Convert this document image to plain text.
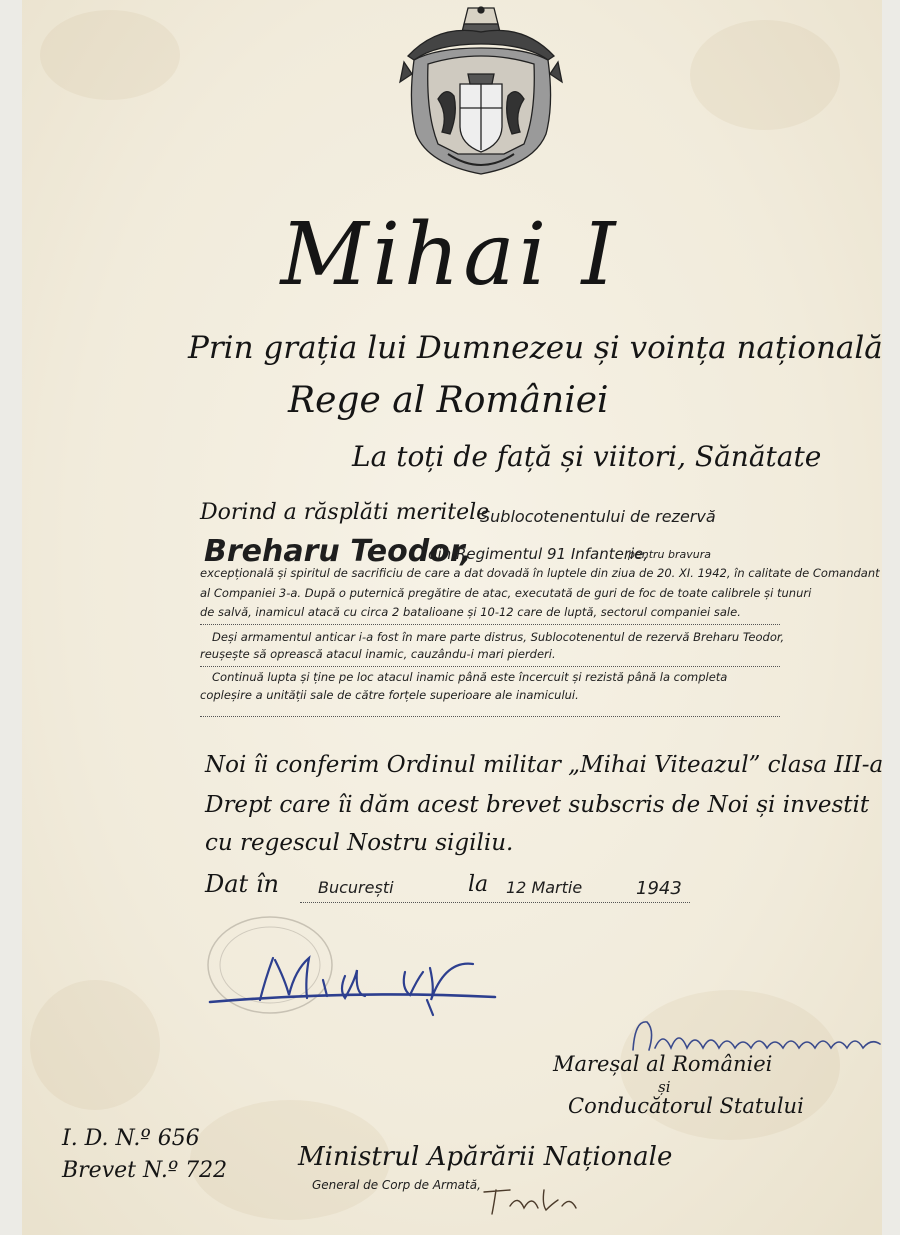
Mihai I
Prin grația lui Dumnezeu și voința națională
Rege al României
La toți de față și viitori, Sănătate
Dorind a răsplăti meritele
Sublocotenentului de rezervă
Breharu Teodor,
din Regimentul 91 Infanterie,
pentru bravura
excepțională și spiritul de sacrificiu de care a dat dovadă în luptele din ziua de 20. XI. 1942, în calitate de Comandant
al Companiei 3-a. După o puternică pregătire de atac, executată de guri de foc de toate calibrele și tunuri
de salvă, inamicul atacă cu circa 2 batalioane și 10-12 care de luptă, sectorul companiei sale.
Deși armamentul anticar i-a fost în mare parte distrus, Sublocotenentul de rezervă Breharu Teodor,
reușește să oprească atacul inamic, cauzându-i mari pierderi.
Continuă lupta și ține pe loc atacul inamic până este încercuit și rezistă până la completa
copleșire a unității sale de către forțele superioare ale inamicului.
Noi îi conferim Ordinul militar „Mihai Viteazul” clasa III-a
Drept care îi dăm acest brevet subscris de Noi și investit
cu regescul Nostru sigiliu.
Dat în București	la 12 Martie	1943
Mareșal al României
și
Conducătorul Statului
I. D. N.º 656
Brevet N.º 722	Ministrul Apărării Naționale
General de Corp de Armată,
